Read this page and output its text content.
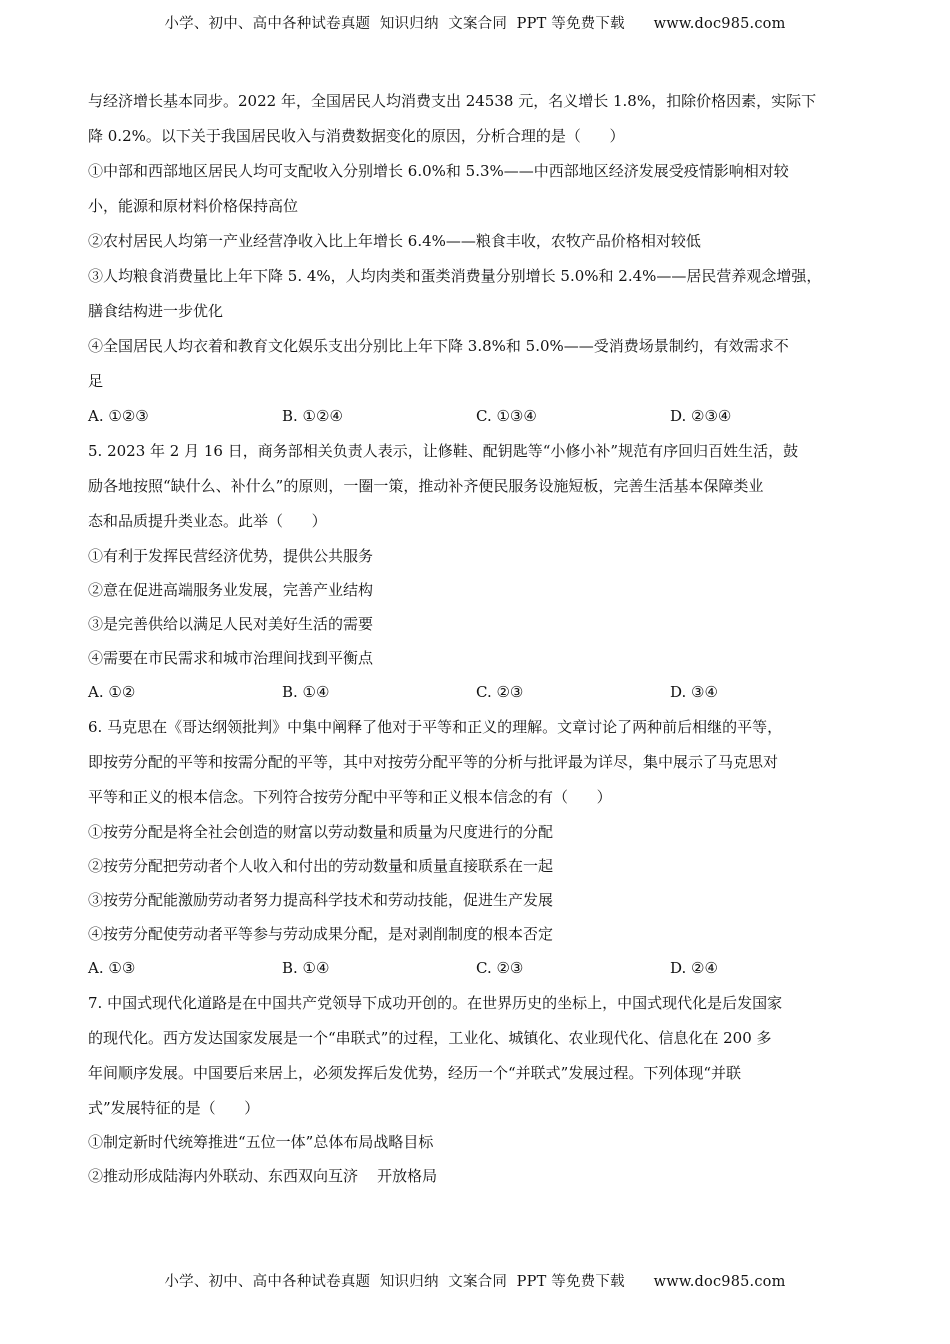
小学、初中、高中各种试卷真题  知识归纳  文案合同  PPT 等免费下载      www.doc985.com
与经济增长基本同步。2022 年，全国居民人均消费支出 24538 元，名义增长 1.8%，扣除价格因素，实际下
降 0.2%。以下关于我国居民收入与消费数据变化的原因，分析合理的是（      ）
①中部和西部地区居民人均可支配收入分别增长 6.0%和 5.3%——中西部地区经济发展受疫情影响相对较
小，能源和原材料价格保持高位
②农村居民人均第一产业经营净收入比上年增长 6.4%——粮食丰收，农牧产品价格相对较低
③人均粮食消费量比上年下降 5. 4%，人均肉类和蛋类消费量分别增长 5.0%和 2.4%——居民营养观念增强，
膳食结构进一步优化
④全国居民人均衣着和教育文化娱乐支出分别比上年下降 3.8%和 5.0%——受消费场景制约，有效需求不
足
A. ①②③	B. ①②④	C. ①③④	D. ②③④
5. 2023 年 2 月 16 日，商务部相关负责人表示，让修鞋、配钥匙等“小修小补”规范有序回归百姓生活，鼓
励各地按照“缺什么、补什么”的原则，一圈一策，推动补齐便民服务设施短板，完善生活基本保障类业
态和品质提升类业态。此举（      ）
①有利于发挥民营经济优势，提供公共服务
②意在促进高端服务业发展，完善产业结构
③是完善供给以满足人民对美好生活的需要
④需要在市民需求和城市治理间找到平衡点
A. ①②	B. ①④	C. ②③	D. ③④
6. 马克思在《哥达纲领批判》中集中阐释了他对于平等和正义的理解。文章讨论了两种前后相继的平等，
即按劳分配的平等和按需分配的平等，其中对按劳分配平等的分析与批评最为详尽，集中展示了马克思对
平等和正义的根本信念。下列符合按劳分配中平等和正义根本信念的有（      ）
①按劳分配是将全社会创造的财富以劳动数量和质量为尺度进行的分配
②按劳分配把劳动者个人收入和付出的劳动数量和质量直接联系在一起
③按劳分配能激励劳动者努力提高科学技术和劳动技能，促进生产发展
④按劳分配使劳动者平等参与劳动成果分配，是对剥削制度的根本否定
A. ①③	B. ①④	C. ②③	D. ②④
7. 中国式现代化道路是在中国共产党领导下成功开创的。在世界历史的坐标上，中国式现代化是后发国家
的现代化。西方发达国家发展是一个“串联式”的过程，工业化、城镇化、农业现代化、信息化在 200 多
年间顺序发展。中国要后来居上，必须发挥后发优势，经历一个“并联式”发展过程。下列体现“并联
式”发展特征的是（      ）
①制定新时代统筹推进“五位一体”总体布局战略目标
②推动形成陆海内外联动、东西双向互济    开放格局
小学、初中、高中各种试卷真题  知识归纳  文案合同  PPT 等免费下载      www.doc985.com
